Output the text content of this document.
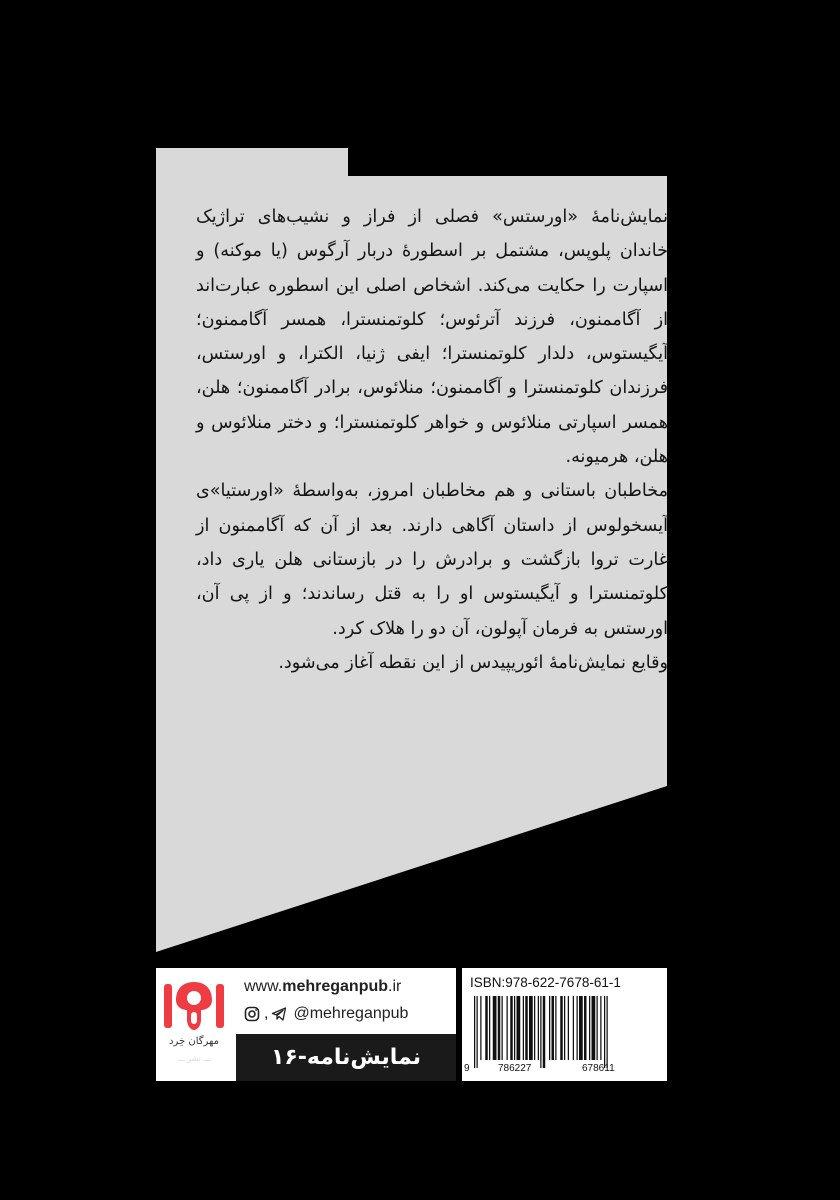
نمایش‌نامهٔ «اورستس» فصلی از فراز و نشیب‌های تراژیک خاندان پلوپس، مشتمل بر اسطورهٔ دربار آرگوس (یا موکنه) و اسپارت را حکایت می‌کند. اشخاص اصلی این اسطوره عبارت‌اند از آگاممنون، فرزند آترئوس؛ کلوتمنسترا، همسر آگاممنون؛ آیگیستوس، دلدار کلوتمنسترا؛ ایفی ژنیا، الکترا، و اورستس، فرزندان کلوتمنسترا و آگاممنون؛ منلائوس، برادر آگاممنون؛ هلن، همسر اسپارتی منلائوس و خواهر کلوتمنسترا؛ و دختر منلائوس و هلن، هرمیونه.

مخاطبان باستانی و هم مخاطبان امروز، به‌واسطهٔ «اورستیا»ی آیسخولوس از داستان آگاهی دارند. بعد از آن که آگاممنون از غارت تروا بازگشت و برادرش را در بازستانی هلن یاری داد، کلوتمنسترا و آیگیستوس او را به قتل رساندند؛ و از پی آن، اورستس به فرمان آپولون، آن دو را هلاک کرد.

وقایع نمایش‌نامهٔ ائوریپیدس از این نقطه آغاز می‌شود.

مهرگان خِرد
ـــ نشر ـــ
www.mehreganpub.ir
, @mehreganpub
نمایش‌نامه-۱۶
ISBN:978-622-7678-61-1
9	786227	678611
